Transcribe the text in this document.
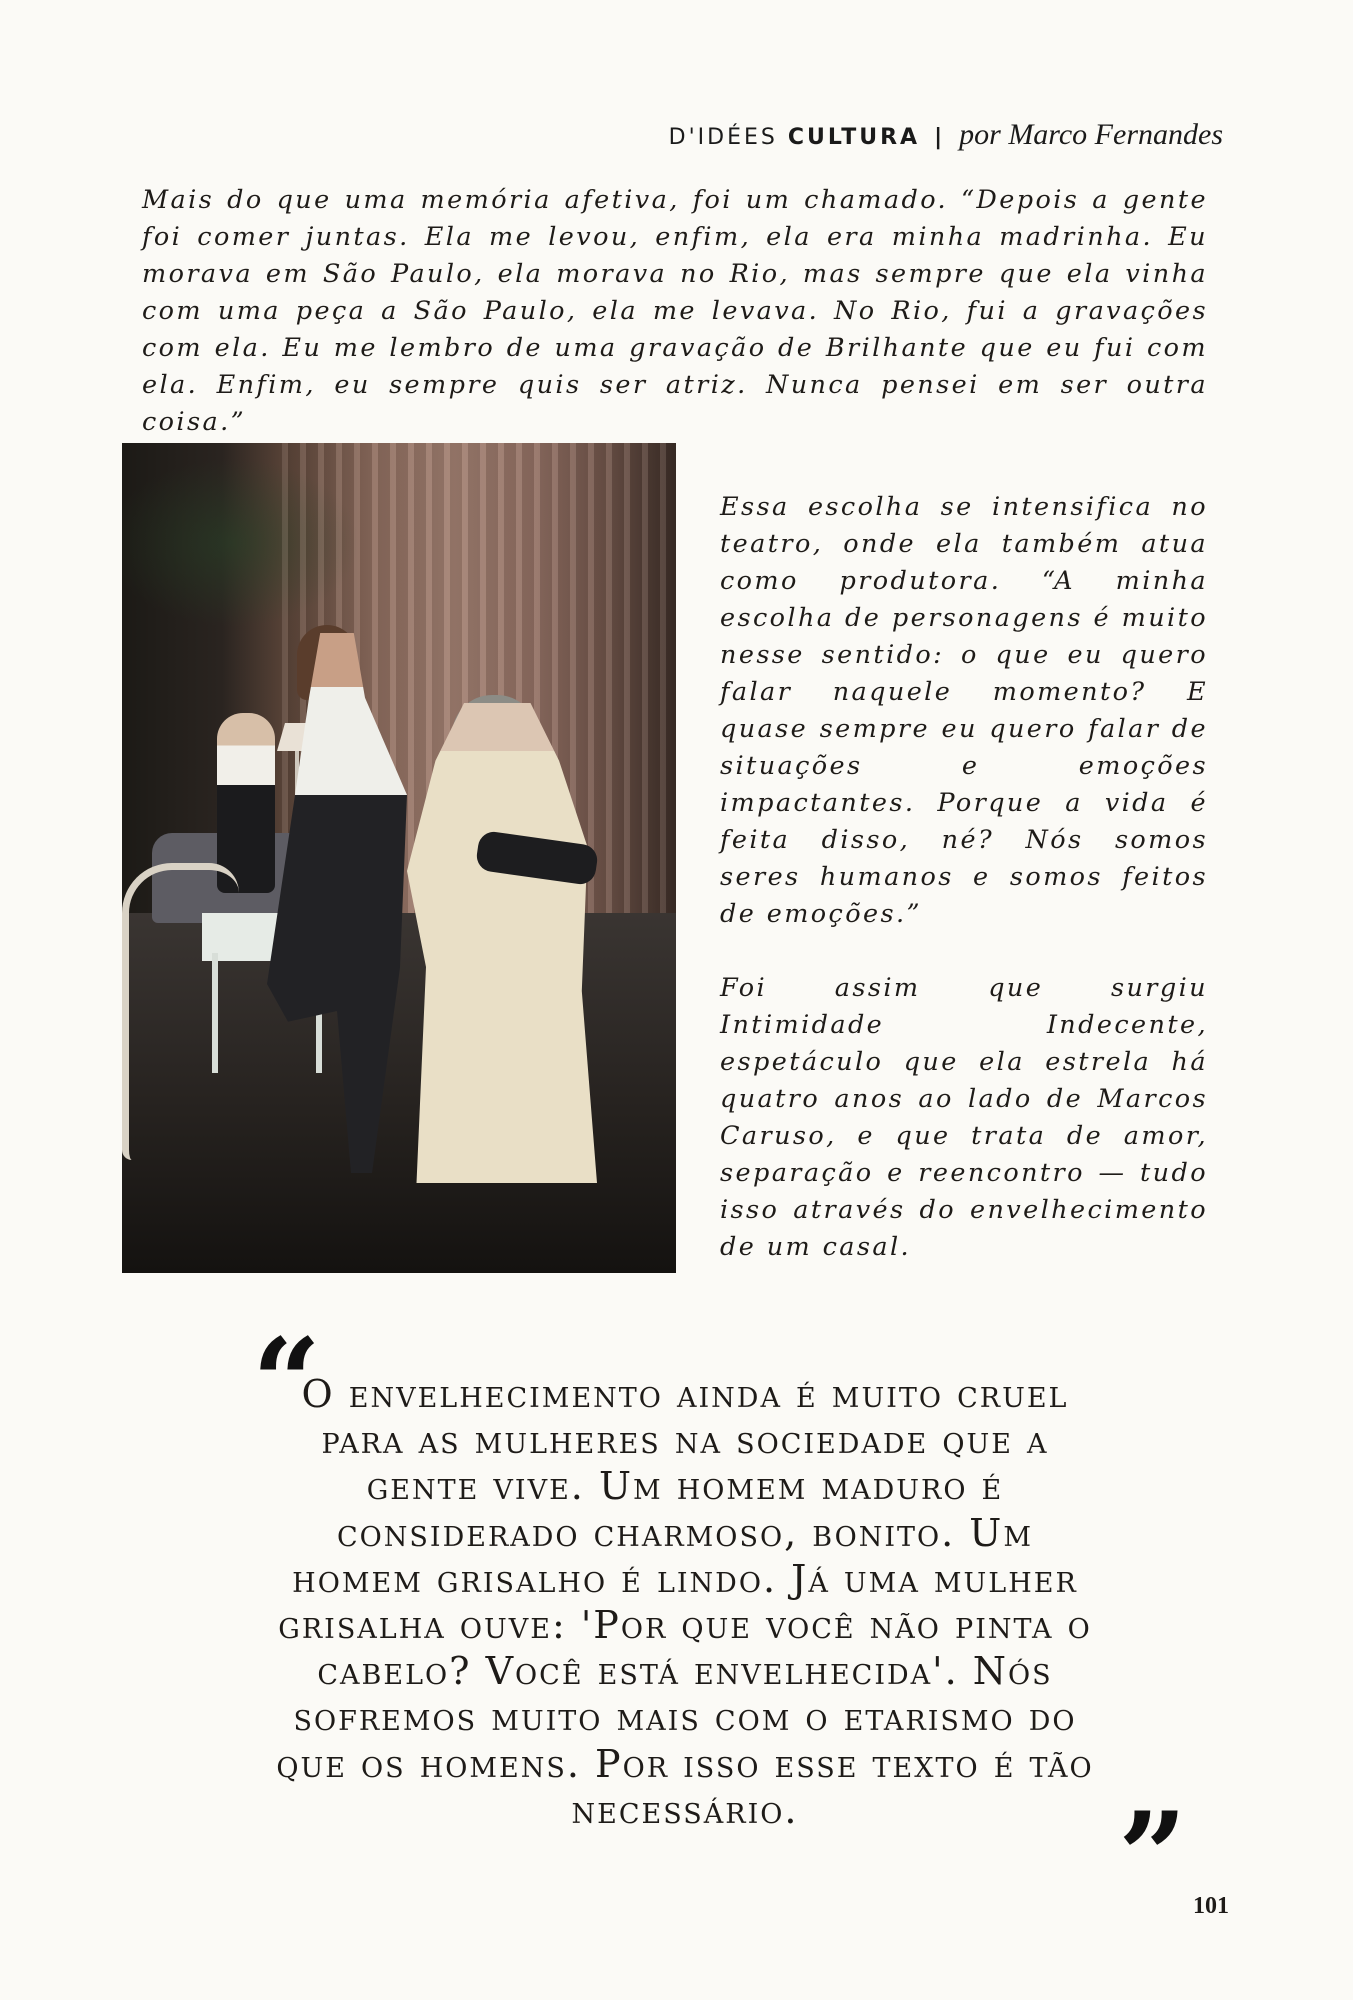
D'IDÉES CULTURA | por Marco Fernandes

Mais do que uma memória afetiva, foi um chamado. “Depois a gente foi comer juntas. Ela me levou, enfim, ela era minha madrinha. Eu morava em São Paulo, ela morava no Rio, mas sempre que ela vinha com uma peça a São Paulo, ela me levava. No Rio, fui a gravações com ela. Eu me lembro de uma gravação de Brilhante que eu fui com ela. Enfim, eu sempre quis ser atriz. Nunca pensei em ser outra coisa.”

Essa escolha se intensifica no teatro, onde ela também atua como produtora. “A minha escolha de personagens é muito nesse sentido: o que eu quero falar naquele momento? E quase sempre eu quero falar de situações e emoções impactantes. Porque a vida é feita disso, né? Nós somos seres humanos e somos feitos de emoções.”

Foi assim que surgiu Intimidade Indecente, espetáculo que ela estrela há quatro anos ao lado de Marcos Caruso, e que trata de amor, separação e reencontro — tudo isso através do envelhecimento de um casal.

“

O envelhecimento ainda é muito cruel para as mulheres na sociedade que a gente vive. Um homem maduro é considerado charmoso, bonito. Um homem grisalho é lindo. Já uma mulher grisalha ouve: 'Por que você não pinta o cabelo? Você está envelhecida'. Nós sofremos muito mais com o etarismo do que os homens. Por isso esse texto é tão necessário.	” 101
